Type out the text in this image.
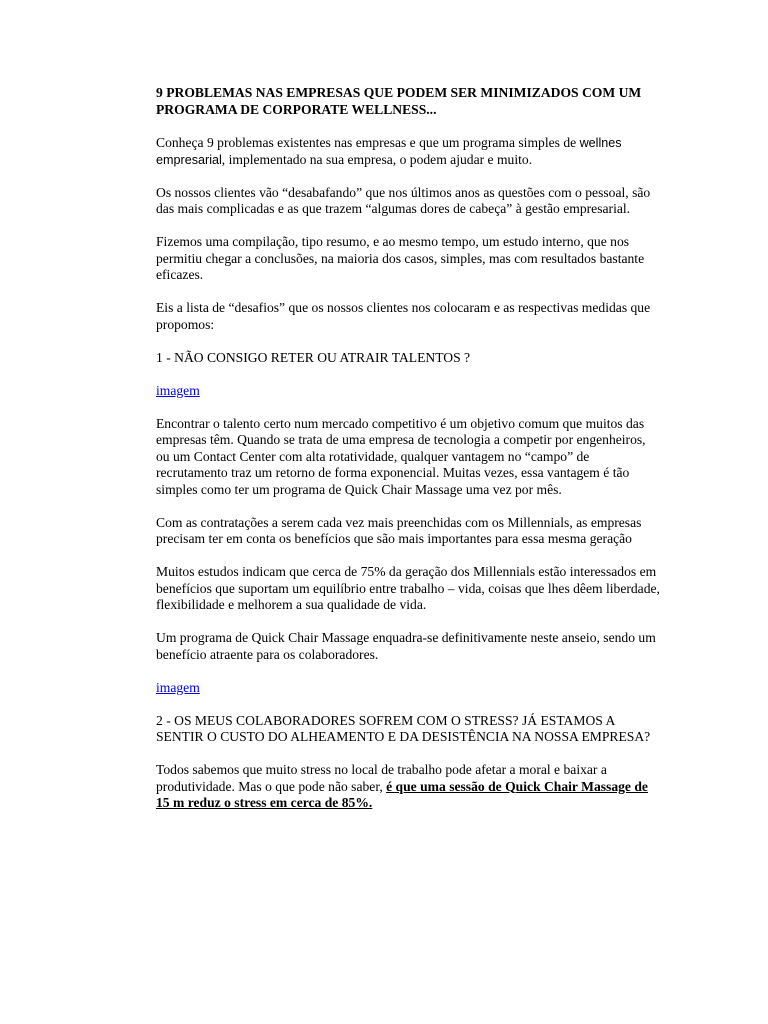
9 PROBLEMAS NAS EMPRESAS QUE PODEM SER MINIMIZADOS COM UM PROGRAMA DE CORPORATE WELLNESS...

Conheça 9 problemas existentes nas empresas e que um programa simples de wellnes empresarial, implementado na sua empresa, o podem ajudar e muito.

Os nossos clientes vão “desabafando” que nos últimos anos as questões com o pessoal, são das mais complicadas e as que trazem “algumas dores de cabeça” à gestão empresarial.

Fizemos uma compilação, tipo resumo, e ao mesmo tempo, um estudo interno, que nos permitiu chegar a conclusões, na maioria dos casos, simples, mas com resultados bastante eficazes.

Eis a lista de “desafios” que os nossos clientes nos colocaram e as respectivas medidas que propomos:

1 - NÃO CONSIGO RETER OU ATRAIR TALENTOS ?

imagem

Encontrar o talento certo num mercado competitivo é um objetivo comum que muitos das empresas têm. Quando se trata de uma empresa de tecnologia a competir por engenheiros, ou um Contact Center com alta rotatividade, qualquer vantagem no “campo” de recrutamento traz um retorno de forma exponencial. Muitas vezes, essa vantagem é tão simples como ter um programa de Quick Chair Massage uma vez por mês.

Com as contratações a serem cada vez mais preenchidas com os Millennials, as empresas precisam ter em conta os benefícios que são mais importantes para essa mesma geração

Muitos estudos indicam que cerca de 75% da geração dos Millennials estão interessados em benefícios que suportam um equilíbrio entre trabalho – vida, coisas que lhes dêem liberdade, flexibilidade e melhorem a sua qualidade de vida.

Um programa de Quick Chair Massage enquadra-se definitivamente neste anseio, sendo um benefício atraente para os colaboradores.

imagem

2 - OS MEUS COLABORADORES SOFREM COM O STRESS? JÁ ESTAMOS A SENTIR O CUSTO DO ALHEAMENTO E DA DESISTÊNCIA NA NOSSA EMPRESA?

Todos sabemos que muito stress no local de trabalho pode afetar a moral e baixar a produtividade. Mas o que pode não saber, é que uma sessão de Quick Chair Massage de 15 m reduz o stress em cerca de 85%.
